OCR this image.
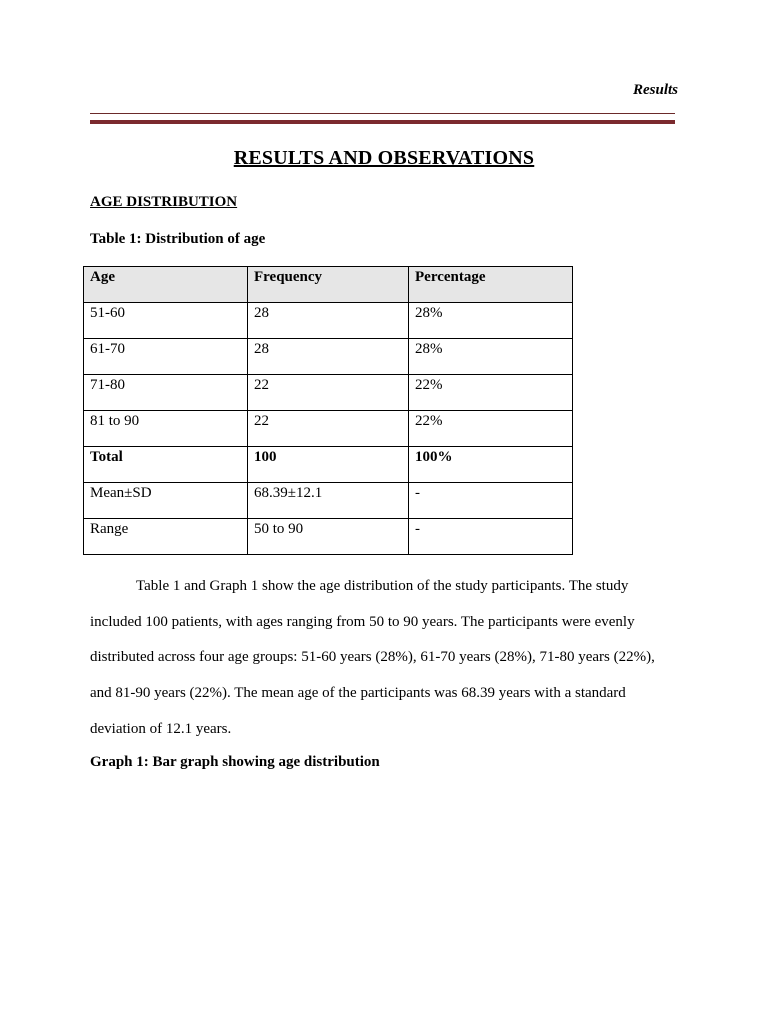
Results
RESULTS AND OBSERVATIONS
AGE DISTRIBUTION
Table 1: Distribution of age
Age	Frequency	Percentage
51-60	28	28%
61-70	28	28%
71-80	22	22%
81 to 90	22	22%
Total	100	100%
Mean±SD	68.39±12.1	-
Range	50 to 90	-

Table 1 and Graph 1 show the age distribution of the study participants. The study included 100 patients, with ages ranging from 50 to 90 years. The participants were evenly distributed across four age groups: 51-60 years (28%), 61-70 years (28%), 71-80 years (22%), and 81-90 years (22%). The mean age of the participants was 68.39 years with a standard deviation of 12.1 years.

Graph 1: Bar graph showing age distribution
